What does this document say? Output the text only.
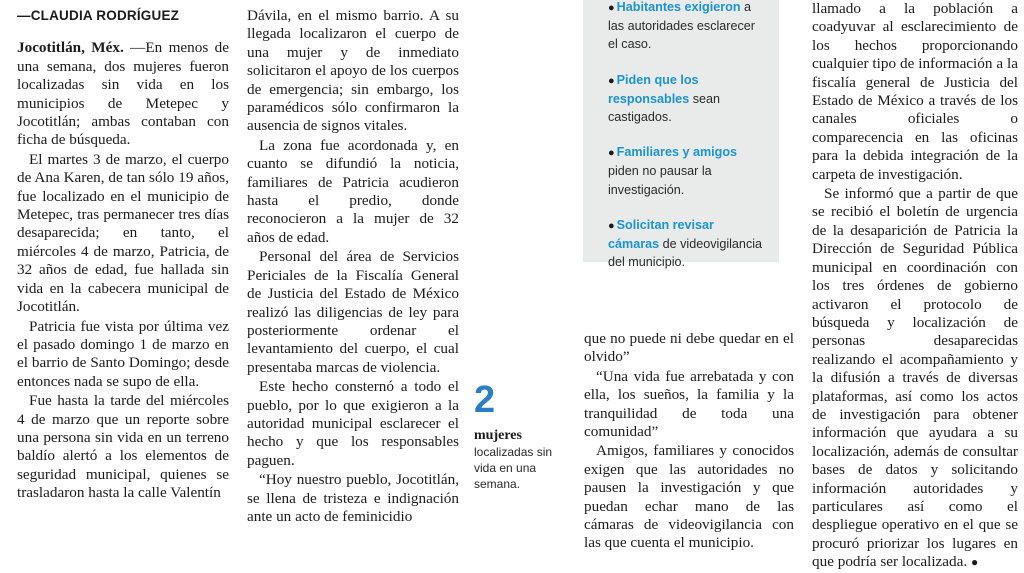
—CLAUDIA RODRÍGUEZ

Jocotitlán, Méx. —En menos de una semana, dos mujeres fueron localizadas sin vida en los municipios de Metepec y Jocotitlán; ambas contaban con ficha de búsqueda.

El martes 3 de marzo, el cuerpo de Ana Karen, de tan sólo 19 años, fue localizado en el municipio de Metepec, tras permanecer tres días desaparecida; en tanto, el miércoles 4 de marzo, Patricia, de 32 años de edad, fue hallada sin vida en la cabecera municipal de Jocotitlán.

Patricia fue vista por última vez el pasado domingo 1 de marzo en el barrio de Santo Domingo; desde entonces nada se supo de ella.

Fue hasta la tarde del miércoles 4 de marzo que un reporte sobre una persona sin vida en un terreno baldío alertó a los elementos de seguridad municipal, quienes se trasladaron hasta la calle Valentín

Dávila, en el mismo barrio. A su llegada localizaron el cuerpo de una mujer y de inmediato solicitaron el apoyo de los cuerpos de emergencia; sin embargo, los paramédicos sólo confirmaron la ausencia de signos vitales.

La zona fue acordonada y, en cuanto se difundió la noticia, familiares de Patricia acudieron hasta el predio, donde reconocieron a la mujer de 32 años de edad.

Personal del área de Servicios Periciales de la Fiscalía General de Justicia del Estado de México realizó las diligencias de ley para posteriormente ordenar el levantamiento del cuerpo, el cual presentaba marcas de violencia.

Este hecho consternó a todo el pueblo, por lo que exigieron a la autoridad municipal esclarecer el hecho y que los responsables paguen.

“Hoy nuestro pueblo, Jocotitlán, se llena de tristeza e indignación ante un acto de feminicidio

● Habitantes exigieron a las autoridades esclarecer el caso.
● Piden que los responsables sean castigados.
● Familiares y amigos piden no pausar la investigación.
● Solicitan revisar cámaras de videovigilancia del municipio.
2
mujeres
localizadas sin vida en una semana.

que no puede ni debe quedar en el olvido”

“Una vida fue arrebatada y con ella, los sueños, la familia y la tranquilidad de toda una comunidad”

Amigos, familiares y conocidos exigen que las autoridades no pausen la investigación y que puedan echar mano de las cámaras de videovigilancia con las que cuenta el municipio.

llamado a la población a coadyuvar al esclarecimiento de los hechos proporcionando cualquier tipo de información a la fiscalía general de Justicia del Estado de México a través de los canales oficiales o comparecencia en las oficinas para la debida integración de la carpeta de investigación.

Se informó que a partir de que se recibió el boletín de urgencia de la desaparición de Patricia la Dirección de Seguridad Pública municipal en coordinación con los tres órdenes de gobierno activaron el protocolo de búsqueda y localización de personas desaparecidas realizando el acompañamiento y la difusión a través de diversas plataformas, así como los actos de investigación para obtener información que ayudara a su localización, además de consultar bases de datos y solicitando información autoridades y particulares así como el despliegue operativo en el que se procuró priorizar los lugares en que podría ser localizada. ●
